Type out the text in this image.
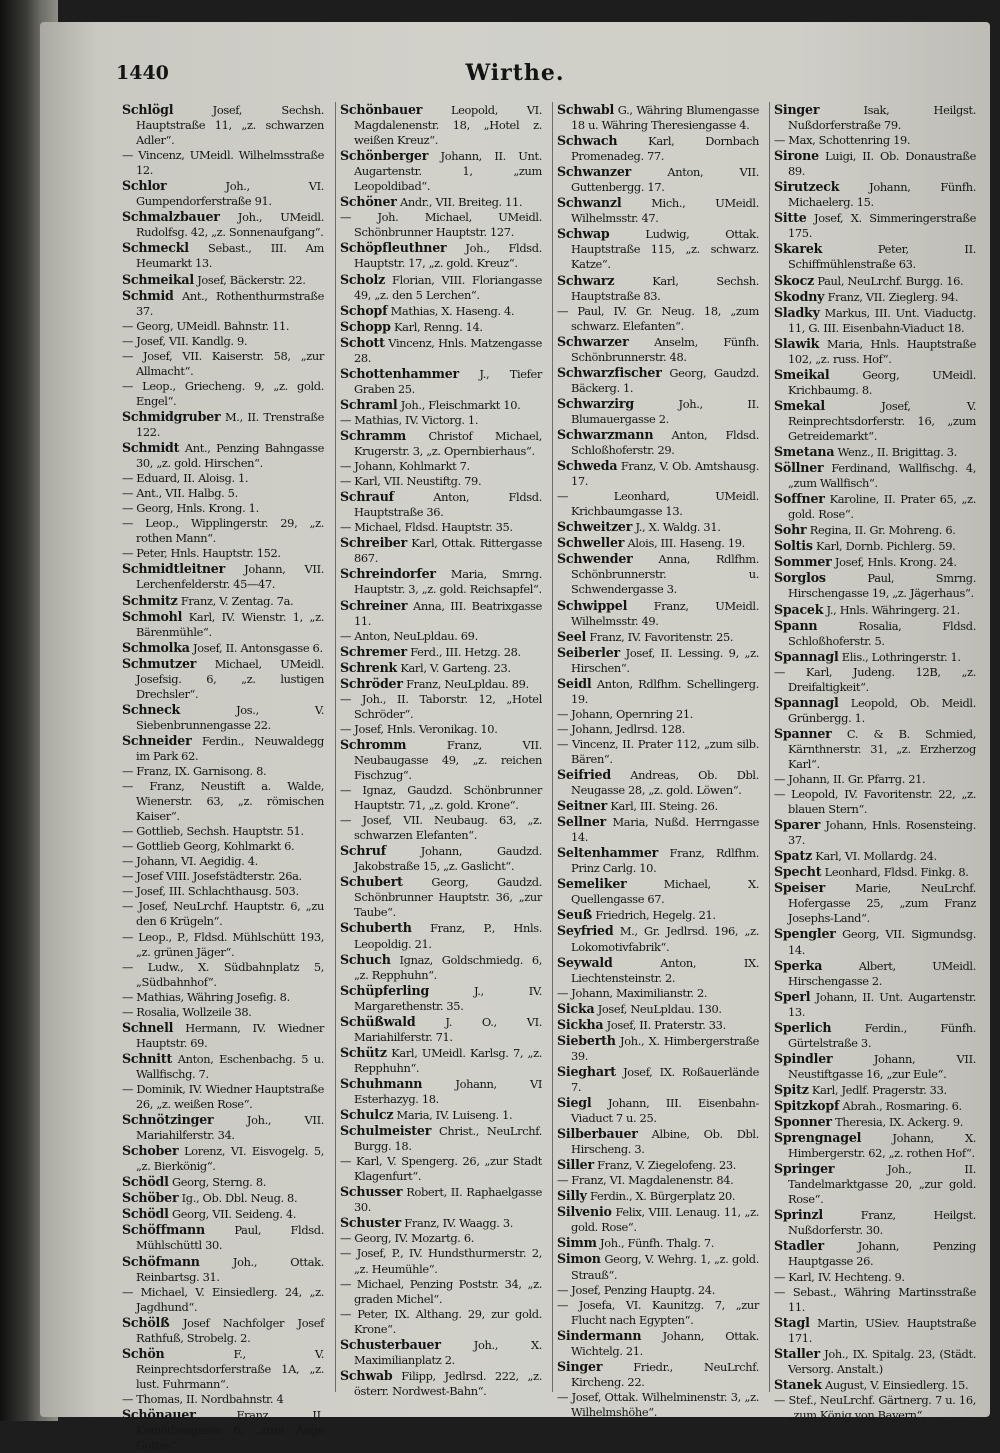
1440	Wirthe.
Schlögl Josef, Sechsh. Hauptstraße 11, „z. schwarzen Adler“.
— Vincenz, UMeidl. Wilhelmsstraße 12.
Schlor Joh., VI. Gumpendorferstraße 91.
Schmalzbauer Joh., UMeidl. Rudolfsg. 42, „z. Sonnenaufgang“.
Schmeckl Sebast., III. Am Heumarkt 13.
Schmeikal Josef, Bäckerstr. 22.
Schmid Ant., Rothenthurmstraße 37.
— Georg, UMeidl. Bahnstr. 11.
— Josef, VII. Kandlg. 9.
— Josef, VII. Kaiserstr. 58, „zur Allmacht“.
— Leop., Griecheng. 9, „z. gold. Engel“.
Schmidgruber M., II. Trenstraße 122.
Schmidt Ant., Penzing Bahngasse 30, „z. gold. Hirschen“.
— Eduard, II. Aloisg. 1.
— Ant., VII. Halbg. 5.
— Georg, Hnls. Krong. 1.
— Leop., Wipplingerstr. 29, „z. rothen Mann“.
— Peter, Hnls. Hauptstr. 152.
Schmidtleitner Johann, VII. Lerchenfelderstr. 45—47.
Schmitz Franz, V. Zentag. 7a.
Schmohl Karl, IV. Wienstr. 1, „z. Bärenmühle“.
Schmolka Josef, II. Antonsgasse 6.
Schmutzer Michael, UMeidl. Josefsig. 6, „z. lustigen Drechsler“.
Schneck Jos., V. Siebenbrunnengasse 22.
Schneider Ferdin., Neuwaldegg im Park 62.
— Franz, IX. Garnisong. 8.
— Franz, Neustift a. Walde, Wienerstr. 63, „z. römischen Kaiser“.
— Gottlieb, Sechsh. Hauptstr. 51.
— Gottlieb Georg, Kohlmarkt 6.
— Johann, VI. Aegidig. 4.
— Josef VIII. Josefstädterstr. 26a.
— Josef, III. Schlachthausg. 503.
— Josef, NeuLrchf. Hauptstr. 6, „zu den 6 Krügeln“.
— Leop., P., Fldsd. Mühlschütt 193, „z. grünen Jäger“.
— Ludw., X. Südbahnplatz 5, „Südbahnhof“.
— Mathias, Währing Josefig. 8.
— Rosalia, Wollzeile 38.
Schnell Hermann, IV. Wiedner Hauptstr. 69.
Schnitt Anton, Eschenbachg. 5 u. Wallfischg. 7.
— Dominik, IV. Wiedner Hauptstraße 26, „z. weißen Rose“.
Schnötzinger Joh., VII. Mariahilferstr. 34.
Schober Lorenz, VI. Eisvogelg. 5, „z. Bierkönig“.
Schödl Georg, Sterng. 8.
Schöber Ig., Ob. Dbl. Neug. 8.
Schödl Georg, VII. Seideng. 4.
Schöffmann Paul, Fldsd. Mühlschüttl 30.
Schöfmann Joh., Ottak. Reinbartsg. 31.
— Michael, V. Einsiedlerg. 24, „z. Jagdhund“.
Schölß Josef Nachfolger Josef Rathfuß, Strobelg. 2.
Schön F., V. Reinprechtsdorferstraße 1A, „z. lust. Fuhrmann“.
— Thomas, II. Nordbahnstr. 4
Schönauer Franz, II. Komödiengasse 6, „zum Auge Gottes“.
Schönbauer Leopold, VI. Magdalenenstr. 18, „Hotel z. weißen Kreuz“.
Schönberger Johann, II. Unt. Augartenstr. 1, „zum Leopoldibad“.
Schöner Andr., VII. Breiteg. 11.
— Joh. Michael, UMeidl. Schönbrunner Hauptstr. 127.
Schöpfleuthner Joh., Fldsd. Hauptstr. 17, „z. gold. Kreuz“.
Scholz Florian, VIII. Floriangasse 49, „z. den 5 Lerchen“.
Schopf Mathias, X. Haseng. 4.
Schopp Karl, Renng. 14.
Schott Vincenz, Hnls. Matzengasse 28.
Schottenhammer J., Tiefer Graben 25.
Schraml Joh., Fleischmarkt 10.
— Mathias, IV. Victorg. 1.
Schramm Christof Michael, Krugerstr. 3, „z. Opernbierhaus“.
— Johann, Kohlmarkt 7.
— Karl, VII. Neustiftg. 79.
Schrauf Anton, Fldsd. Hauptstraße 36.
— Michael, Fldsd. Hauptstr. 35.
Schreiber Karl, Ottak. Rittergasse 867.
Schreindorfer Maria, Smrng. Hauptstr. 3, „z. gold. Reichsapfel“.
Schreiner Anna, III. Beatrixgasse 11.
— Anton, NeuLpldau. 69.
Schremer Ferd., III. Hetzg. 28.
Schrenk Karl, V. Garteng. 23.
Schröder Franz, NeuLpldau. 89.
— Joh., II. Taborstr. 12, „Hotel Schröder“.
— Josef, Hnls. Veronikag. 10.
Schromm Franz, VII. Neubaugasse 49, „z. reichen Fischzug“.
— Ignaz, Gaudzd. Schönbrunner Hauptstr. 71, „z. gold. Krone“.
— Josef, VII. Neubaug. 63, „z. schwarzen Elefanten“.
Schruf Johann, Gaudzd. Jakobstraße 15, „z. Gaslicht“.
Schubert Georg, Gaudzd. Schönbrunner Hauptstr. 36, „zur Taube“.
Schuberth Franz, P., Hnls. Leopoldig. 21.
Schuch Ignaz, Goldschmiedg. 6, „z. Repphuhn“.
Schüpferling J., IV. Margarethenstr. 35.
Schüßwald J. O., VI. Mariahilferstr. 71.
Schütz Karl, UMeidl. Karlsg. 7, „z. Repphuhn“.
Schuhmann Johann, VI Esterhazyg. 18.
Schulcz Maria, IV. Luiseng. 1.
Schulmeister Christ., NeuLrchf. Burgg. 18.
— Karl, V. Spengerg. 26, „zur Stadt Klagenfurt“.
Schusser Robert, II. Raphaelgasse 30.
Schuster Franz, IV. Waagg. 3.
— Georg, IV. Mozartg. 6.
— Josef, P., IV. Hundsthurmerstr. 2, „z. Heumühle“.
— Michael, Penzing Poststr. 34, „z. graden Michel“.
— Peter, IX. Althang. 29, zur gold. Krone“.
Schusterbauer Joh., X. Maximilianplatz 2.
Schwab Filipp, Jedlrsd. 222, „z. österr. Nordwest-Bahn“.
Schwabl G., Währing Blumengasse 18 u. Währing Theresiengasse 4.
Schwach Karl, Dornbach Promenadeg. 77.
Schwanzer Anton, VII. Guttenbergg. 17.
Schwanzl Mich., UMeidl. Wilhelmsstr. 47.
Schwap Ludwig, Ottak. Hauptstraße 115, „z. schwarz. Katze“.
Schwarz Karl, Sechsh. Hauptstraße 83.
— Paul, IV. Gr. Neug. 18, „zum schwarz. Elefanten“.
Schwarzer Anselm, Fünfh. Schönbrunnerstr. 48.
Schwarzfischer Georg, Gaudzd. Bäckerg. 1.
Schwarzirg Joh., II. Blumauergasse 2.
Schwarzmann Anton, Fldsd. Schloßhoferstr. 29.
Schweda Franz, V. Ob. Amtshausg. 17.
— Leonhard, UMeidl. Krichbaumgasse 13.
Schweitzer J., X. Waldg. 31.
Schweller Alois, III. Haseng. 19.
Schwender Anna, Rdlfhm. Schönbrunnerstr. u. Schwendergasse 3.
Schwippel Franz, UMeidl. Wilhelmsstr. 49.
Seel Franz, IV. Favoritenstr. 25.
Seiberler Josef, II. Lessing. 9, „z. Hirschen“.
Seidl Anton, Rdlfhm. Schellingerg. 19.
— Johann, Opernring 21.
— Johann, Jedlrsd. 128.
— Vincenz, II. Prater 112, „zum silb. Bären“.
Seifried Andreas, Ob. Dbl. Neugasse 28, „z. gold. Löwen“.
Seitner Karl, III. Steing. 26.
Sellner Maria, Nußd. Herrngasse 14.
Seltenhammer Franz, Rdlfhm. Prinz Carlg. 10.
Semeliker Michael, X. Quellengasse 67.
Seuß Friedrich, Hegelg. 21.
Seyfried M., Gr. Jedlrsd. 196, „z. Lokomotivfabrik“.
Seywald Anton, IX. Liechtensteinstr. 2.
— Johann, Maximilianstr. 2.
Sicka Josef, NeuLpldau. 130.
Sickha Josef, II. Praterstr. 33.
Sieberth Joh., X. Himbergerstraße 39.
Sieghart Josef, IX. Roßauerlände 7.
Siegl Johann, III. Eisenbahn-Viaduct 7 u. 25.
Silberbauer Albine, Ob. Dbl. Hirscheng. 3.
Siller Franz, V. Ziegelofeng. 23.
— Franz, VI. Magdalenenstr. 84.
Silly Ferdin., X. Bürgerplatz 20.
Silvenio Felix, VIII. Lenaug. 11, „z. gold. Rose“.
Simm Joh., Fünfh. Thalg. 7.
Simon Georg, V. Wehrg. 1, „z. gold. Strauß“.
— Josef, Penzing Hauptg. 24.
— Josefa, VI. Kaunitzg. 7, „zur Flucht nach Egypten“.
Sindermann Johann, Ottak. Wichtelg. 21.
Singer Friedr., NeuLrchf. Kircheng. 22.
— Josef, Ottak. Wilhelminenstr. 3, „z. Wilhelmshöhe“.
Singer Isak, Heilgst. Nußdorferstraße 79.
— Max, Schottenring 19.
Sirone Luigi, II. Ob. Donaustraße 89.
Sirutzeck Johann, Fünfh. Michaelerg. 15.
Sitte Josef, X. Simmeringerstraße 175.
Skarek Peter, II. Schiffmühlenstraße 63.
Skocz Paul, NeuLrchf. Burgg. 16.
Skodny Franz, VII. Zieglerg. 94.
Sladky Markus, III. Unt. Viaductg. 11, G. III. Eisenbahn-Viaduct 18.
Slawik Maria, Hnls. Hauptstraße 102, „z. russ. Hof“.
Smeikal Georg, UMeidl. Krichbaumg. 8.
Smekal Josef, V. Reinprechtsdorferstr. 16, „zum Getreidemarkt“.
Smetana Wenz., II. Brigittag. 3.
Söllner Ferdinand, Wallfischg. 4, „zum Wallfisch“.
Soffner Karoline, II. Prater 65, „z. gold. Rose“.
Sohr Regina, II. Gr. Mohreng. 6.
Soltis Karl, Dornb. Pichlerg. 59.
Sommer Josef, Hnls. Krong. 24.
Sorglos Paul, Smrng. Hirschengasse 19, „z. Jägerhaus“.
Spacek J., Hnls. Währingerg. 21.
Spann Rosalia, Fldsd. Schloßhoferstr. 5.
Spannagl Elis., Lothringerstr. 1.
— Karl, Judeng. 12B, „z. Dreifaltigkeit“.
Spannagl Leopold, Ob. Meidl. Grünbergg. 1.
Spanner C. & B. Schmied, Kärnthnerstr. 31, „z. Erzherzog Karl“.
— Johann, II. Gr. Pfarrg. 21.
— Leopold, IV. Favoritenstr. 22, „z. blauen Stern“.
Sparer Johann, Hnls. Rosensteing. 37.
Spatz Karl, VI. Mollardg. 24.
Specht Leonhard, Fldsd. Finkg. 8.
Speiser Marie, NeuLrchf. Hofergasse 25, „zum Franz Josephs-Land“.
Spengler Georg, VII. Sigmundsg. 14.
Sperka Albert, UMeidl. Hirschengasse 2.
Sperl Johann, II. Unt. Augartenstr. 13.
Sperlich Ferdin., Fünfh. Gürtelstraße 3.
Spindler Johann, VII. Neustiftgasse 16, „zur Eule“.
Spitz Karl, Jedlf. Pragerstr. 33.
Spitzkopf Abrah., Rosmaring. 6.
Sponner Theresia, IX. Ackerg. 9.
Sprengnagel Johann, X. Himbergerstr. 62, „z. rothen Hof“.
Springer Joh., II. Tandelmarktgasse 20, „zur gold. Rose“.
Sprinzl Franz, Heilgst. Nußdorferstr. 30.
Stadler Johann, Penzing Hauptgasse 26.
— Karl, IV. Hechteng. 9.
— Sebast., Währing Martinsstraße 11.
Stagl Martin, USiev. Hauptstraße 171.
Staller Joh., IX. Spitalg. 23, (Städt. Versorg. Anstalt.)
Stanek August, V. Einsiedlerg. 15.
— Stef., NeuLrchf. Gärtnerg. 7 u. 16, „zum König von Bayern“.
